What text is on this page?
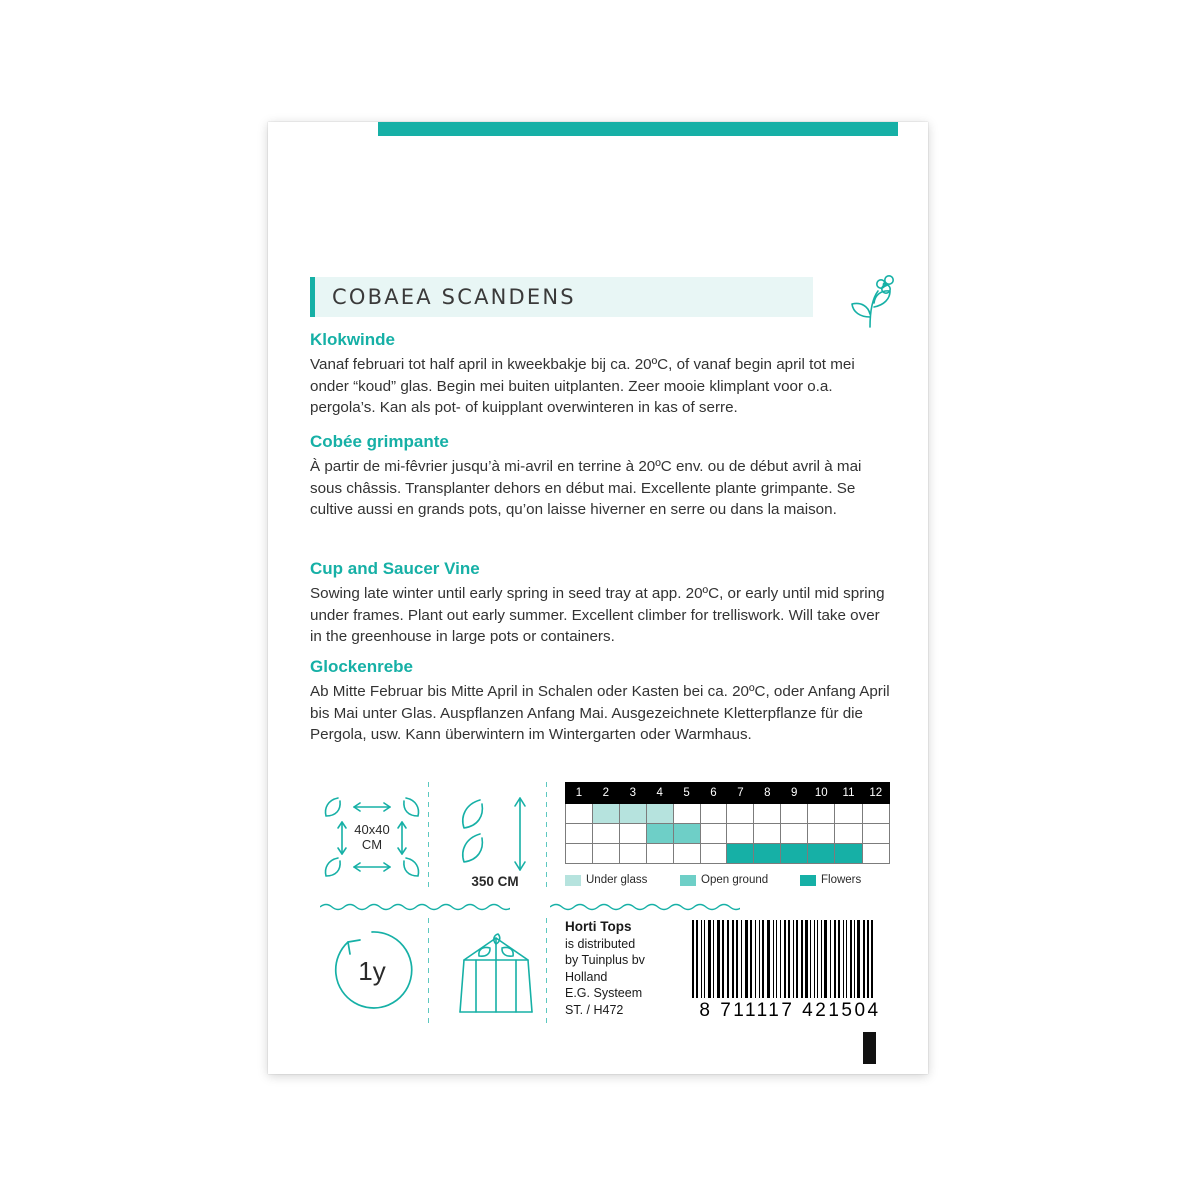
COBAEA SCANDENS
Klokwinde

Vanaf februari tot half april in kweekbakje bij ca. 20ºC, of vanaf begin april tot mei onder “koud” glas. Begin mei buiten uitplanten. Zeer mooie klimplant voor o.a. pergola’s. Kan als pot- of kuipplant overwinteren in kas of serre.

Cobée grimpante

À partir de mi-fêvrier jusqu’à mi-avril en terrine à 20ºC env. ou de début avril à mai sous châssis. Transplanter dehors en début mai. Excellente plante grimpante. Se cultive aussi en grands pots, qu’on laisse hiverner en serre ou dans la maison.

Cup and Saucer Vine

Sowing late winter until early spring in seed tray at app. 20ºC, or early until mid spring under frames. Plant out early summer. Excellent climber for trelliswork. Will take over in the greenhouse in large pots or containers.

Glockenrebe

Ab Mitte Februar bis Mitte April in Schalen oder Kasten bei ca. 20ºC, oder Anfang April bis Mai unter Glas. Auspflanzen Anfang Mai. Ausgezeichnete Kletterpflanze für die Pergola, usw. Kann überwintern im Wintergarten oder Warmhaus.

40x40
CM
350 CM
1	2	3	4	5	6	7	8	9	10	11	12

Under glass	Open ground	Flowers
1y
Horti Tops
is distributed
by Tuinplus bv
Holland
E.G. Systeem
ST. / H472	8 711117 421504
